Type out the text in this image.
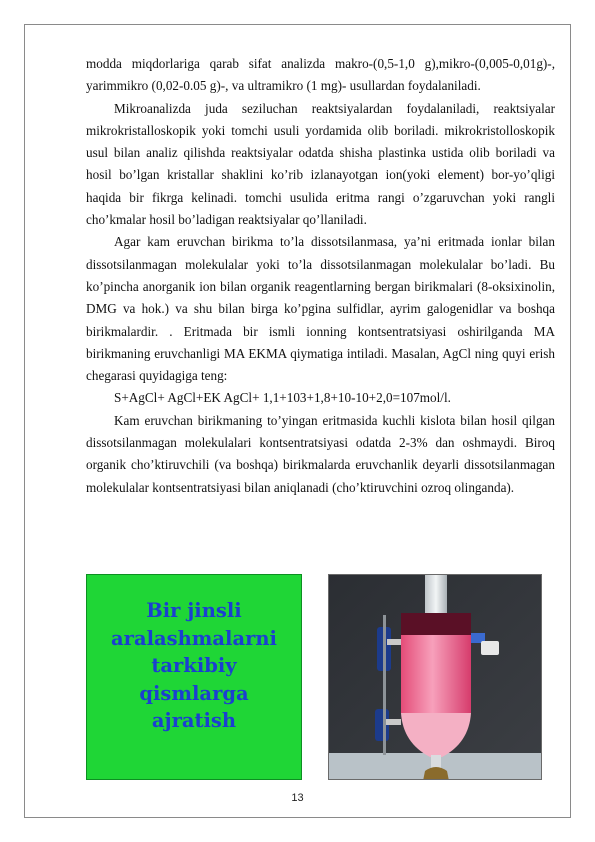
modda miqdorlariga qarab sifat analizda makro-(0,5-1,0 g),mikro-(0,005-0,01g)-, yarimmikro (0,02-0.05 g)-, va ultramikro (1 mg)- usullardan foydalaniladi.

Mikroanalizda juda seziluchan reaktsiyalardan foydalaniladi, reaktsiyalar mikrokristalloskopik yoki tomchi usuli yordamida olib boriladi. mikrokristolloskopik usul bilan analiz qilishda reaktsiyalar odatda shisha plastinka ustida olib boriladi va hosil bo’lgan kristallar shaklini ko’rib izlanayotgan ion(yoki element) bor-yo’qligi haqida bir fikrga kelinadi. tomchi usulida eritma rangi o’zgaruvchan yoki rangli cho’kmalar hosil bo’ladigan reaktsiyalar qo’llaniladi.

Agar kam eruvchan birikma to’la dissotsilanmasa, ya’ni eritmada ionlar bilan dissotsilanmagan molekulalar yoki to’la dissotsilanmagan molekulalar bo’ladi. Bu ko’pincha anorganik ion bilan organik reagentlarning bergan birikmalari (8-oksixinolin, DMG va hok.) va shu bilan birga ko’pgina sulfidlar, ayrim galogenidlar va boshqa birikmalardir. . Eritmada bir ismli ionning kontsentratsiyasi oshirilganda MA birikmaning eruvchanligi MA EKMA qiymatiga intiladi. Masalan, AgCl ning quyi erish chegarasi quyidagiga teng:

S+AgCl+ AgCl+EK AgCl+ 1,1+103+1,8+10-10+2,0=107mol/l.

Kam eruvchan birikmaning to’yingan eritmasida kuchli kislota bilan hosil qilgan dissotsilanmagan molekulalari kontsentratsiyasi odatda 2-3% dan oshmaydi. Biroq organik cho’ktiruvchili (va boshqa) birikmalarda eruvchanlik deyarli dissotsilanmagan molekulalar kontsentratsiyasi bilan aniqlanadi (cho’ktiruvchini ozroq olinganda).

Bir jinsli
aralashmalarni
tarkibiy
qismlarga
ajratish
13
